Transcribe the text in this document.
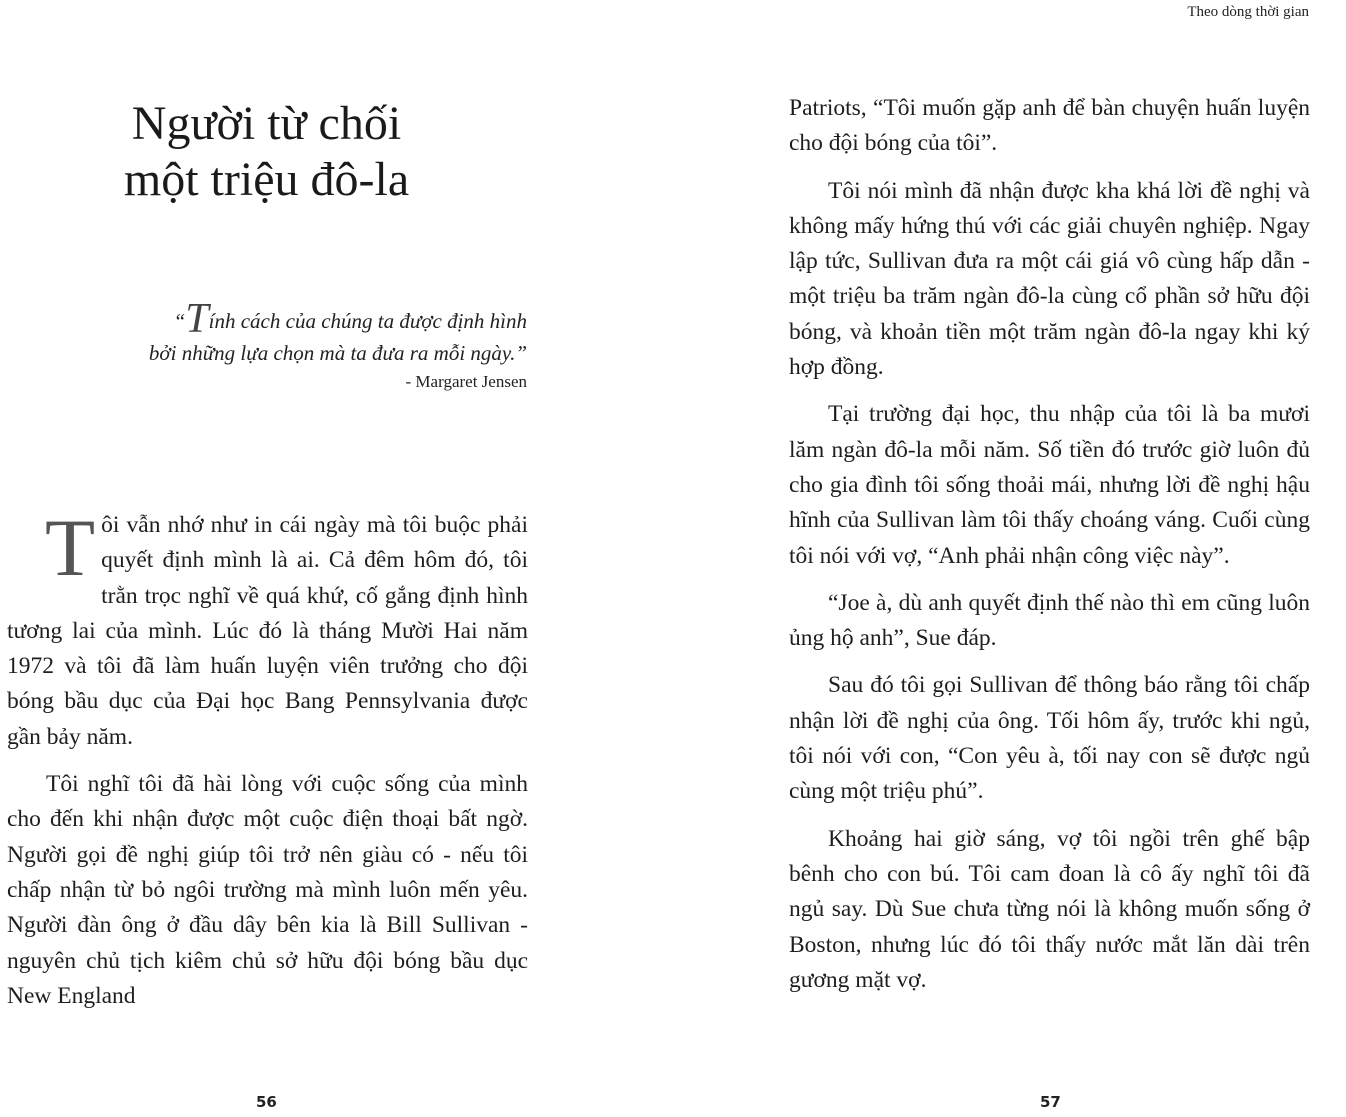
Người từ chối
một triệu đô-la

“Tính cách của chúng ta được định hình
bởi những lựa chọn mà ta đưa ra mỗi ngày.”

- Margaret Jensen

Tôi vẫn nhớ như in cái ngày mà tôi buộc phải quyết định mình là ai. Cả đêm hôm đó, tôi trằn trọc nghĩ về quá khứ, cố gắng định hình tương lai của mình. Lúc đó là tháng Mười Hai năm 1972 và tôi đã làm huấn luyện viên trưởng cho đội bóng bầu dục của Đại học Bang Pennsylvania được gần bảy năm.

Tôi nghĩ tôi đã hài lòng với cuộc sống của mình cho đến khi nhận được một cuộc điện thoại bất ngờ. Người gọi đề nghị giúp tôi trở nên giàu có - nếu tôi chấp nhận từ bỏ ngôi trường mà mình luôn mến yêu. Người đàn ông ở đầu dây bên kia là Bill Sullivan - nguyên chủ tịch kiêm chủ sở hữu đội bóng bầu dục New England

56
Theo dòng thời gian

Patriots, “Tôi muốn gặp anh để bàn chuyện huấn luyện cho đội bóng của tôi”.

Tôi nói mình đã nhận được kha khá lời đề nghị và không mấy hứng thú với các giải chuyên nghiệp. Ngay lập tức, Sullivan đưa ra một cái giá vô cùng hấp dẫn - một triệu ba trăm ngàn đô-la cùng cổ phần sở hữu đội bóng, và khoản tiền một trăm ngàn đô-la ngay khi ký hợp đồng.

Tại trường đại học, thu nhập của tôi là ba mươi lăm ngàn đô-la mỗi năm. Số tiền đó trước giờ luôn đủ cho gia đình tôi sống thoải mái, nhưng lời đề nghị hậu hĩnh của Sullivan làm tôi thấy choáng váng. Cuối cùng tôi nói với vợ, “Anh phải nhận công việc này”.

“Joe à, dù anh quyết định thế nào thì em cũng luôn ủng hộ anh”, Sue đáp.

Sau đó tôi gọi Sullivan để thông báo rằng tôi chấp nhận lời đề nghị của ông. Tối hôm ấy, trước khi ngủ, tôi nói với con, “Con yêu à, tối nay con sẽ được ngủ cùng một triệu phú”.

Khoảng hai giờ sáng, vợ tôi ngồi trên ghế bập bênh cho con bú. Tôi cam đoan là cô ấy nghĩ tôi đã ngủ say. Dù Sue chưa từng nói là không muốn sống ở Boston, nhưng lúc đó tôi thấy nước mắt lăn dài trên gương mặt vợ.

57
